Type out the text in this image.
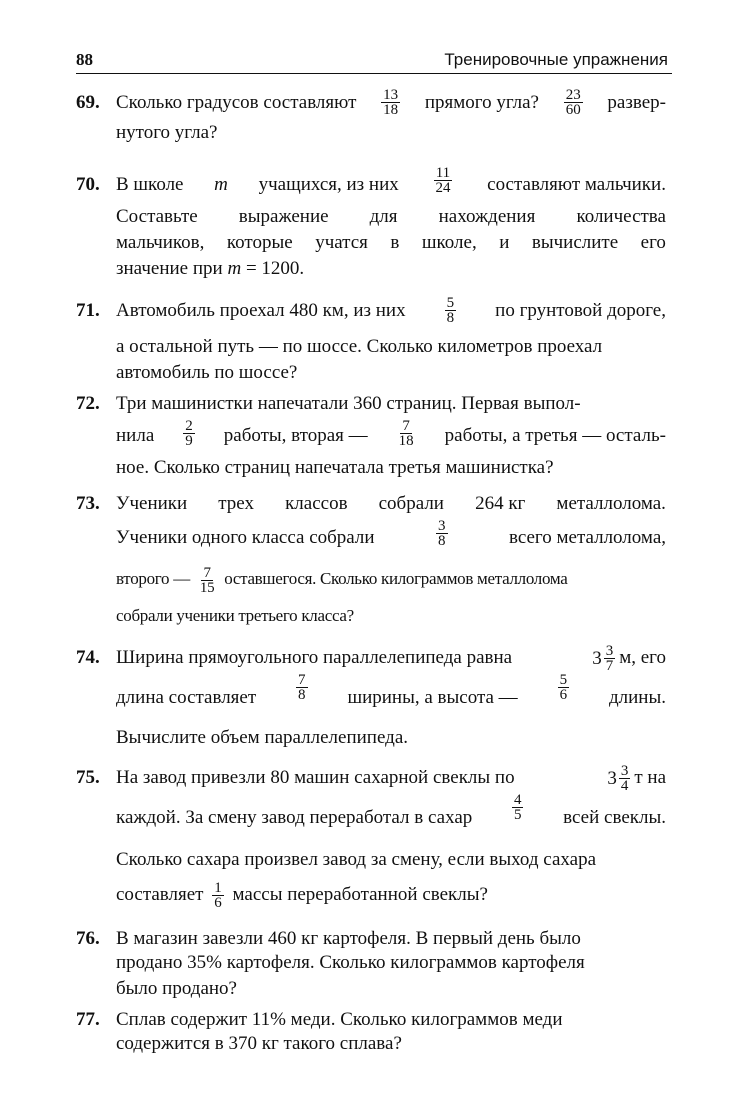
88	Тренировочные упражнения
69. Сколько градусов составляют $\frac{13}{18}$ прямого угла? $\frac{23}{60}$ развер-
нутого угла?
70. В школе m учащихся, из них $\frac{11}{24}$ составляют мальчики.
Составьте выражение для нахождения количества
мальчиков, которые учатся в школе, и вычислите его
значение при m = 1200.
71. Автомобиль проехал 480 км, из них	$\frac{5}{8}$ по грунтовой дороге,
а остальной путь — по шоссе. Сколько километров проехал
автомобиль по шоссе?
72. Три машинистки напечатали 360 страниц. Первая выпол-
нила $\frac{2}{9}$ работы, вторая — $\frac{7}{18}$ работы, а третья — осталь-
ное. Сколько страниц напечатала третья машинистка?
73. Ученики трех классов собрали 264 кг металлолома.
Ученики одного класса собрали	$\frac{3}{8}$	всего металлолома,
второго — $\frac{7}{15}$ оставшегося. Сколько килограммов металлолома
собрали ученики третьего класса?
74. Ширина прямоугольного параллелепипеда равна	$3 \frac{3}{7} м$, его
длина составляет	$\frac{7}{8}$ ширины, а высота —	$\frac{5}{6}$ длины.
Вычислите объем параллелепипеда.
75. На завод привезли 80 машин сахарной свеклы по	$3 \frac{3}{4}$ т на
каждой. За смену завод переработал в сахар	$\frac{4}{5}$ всей свеклы.
Сколько сахара произвел завод за смену, если выход сахара
составляет $\frac{1}{6}$ массы переработанной свеклы?
76. В магазин завезли 460 кг картофеля. В первый день было
продано 35% картофеля. Сколько килограммов картофеля
было продано?
77. Сплав содержит 11% меди. Сколько килограммов меди
содержится в 370 кг такого сплава?
